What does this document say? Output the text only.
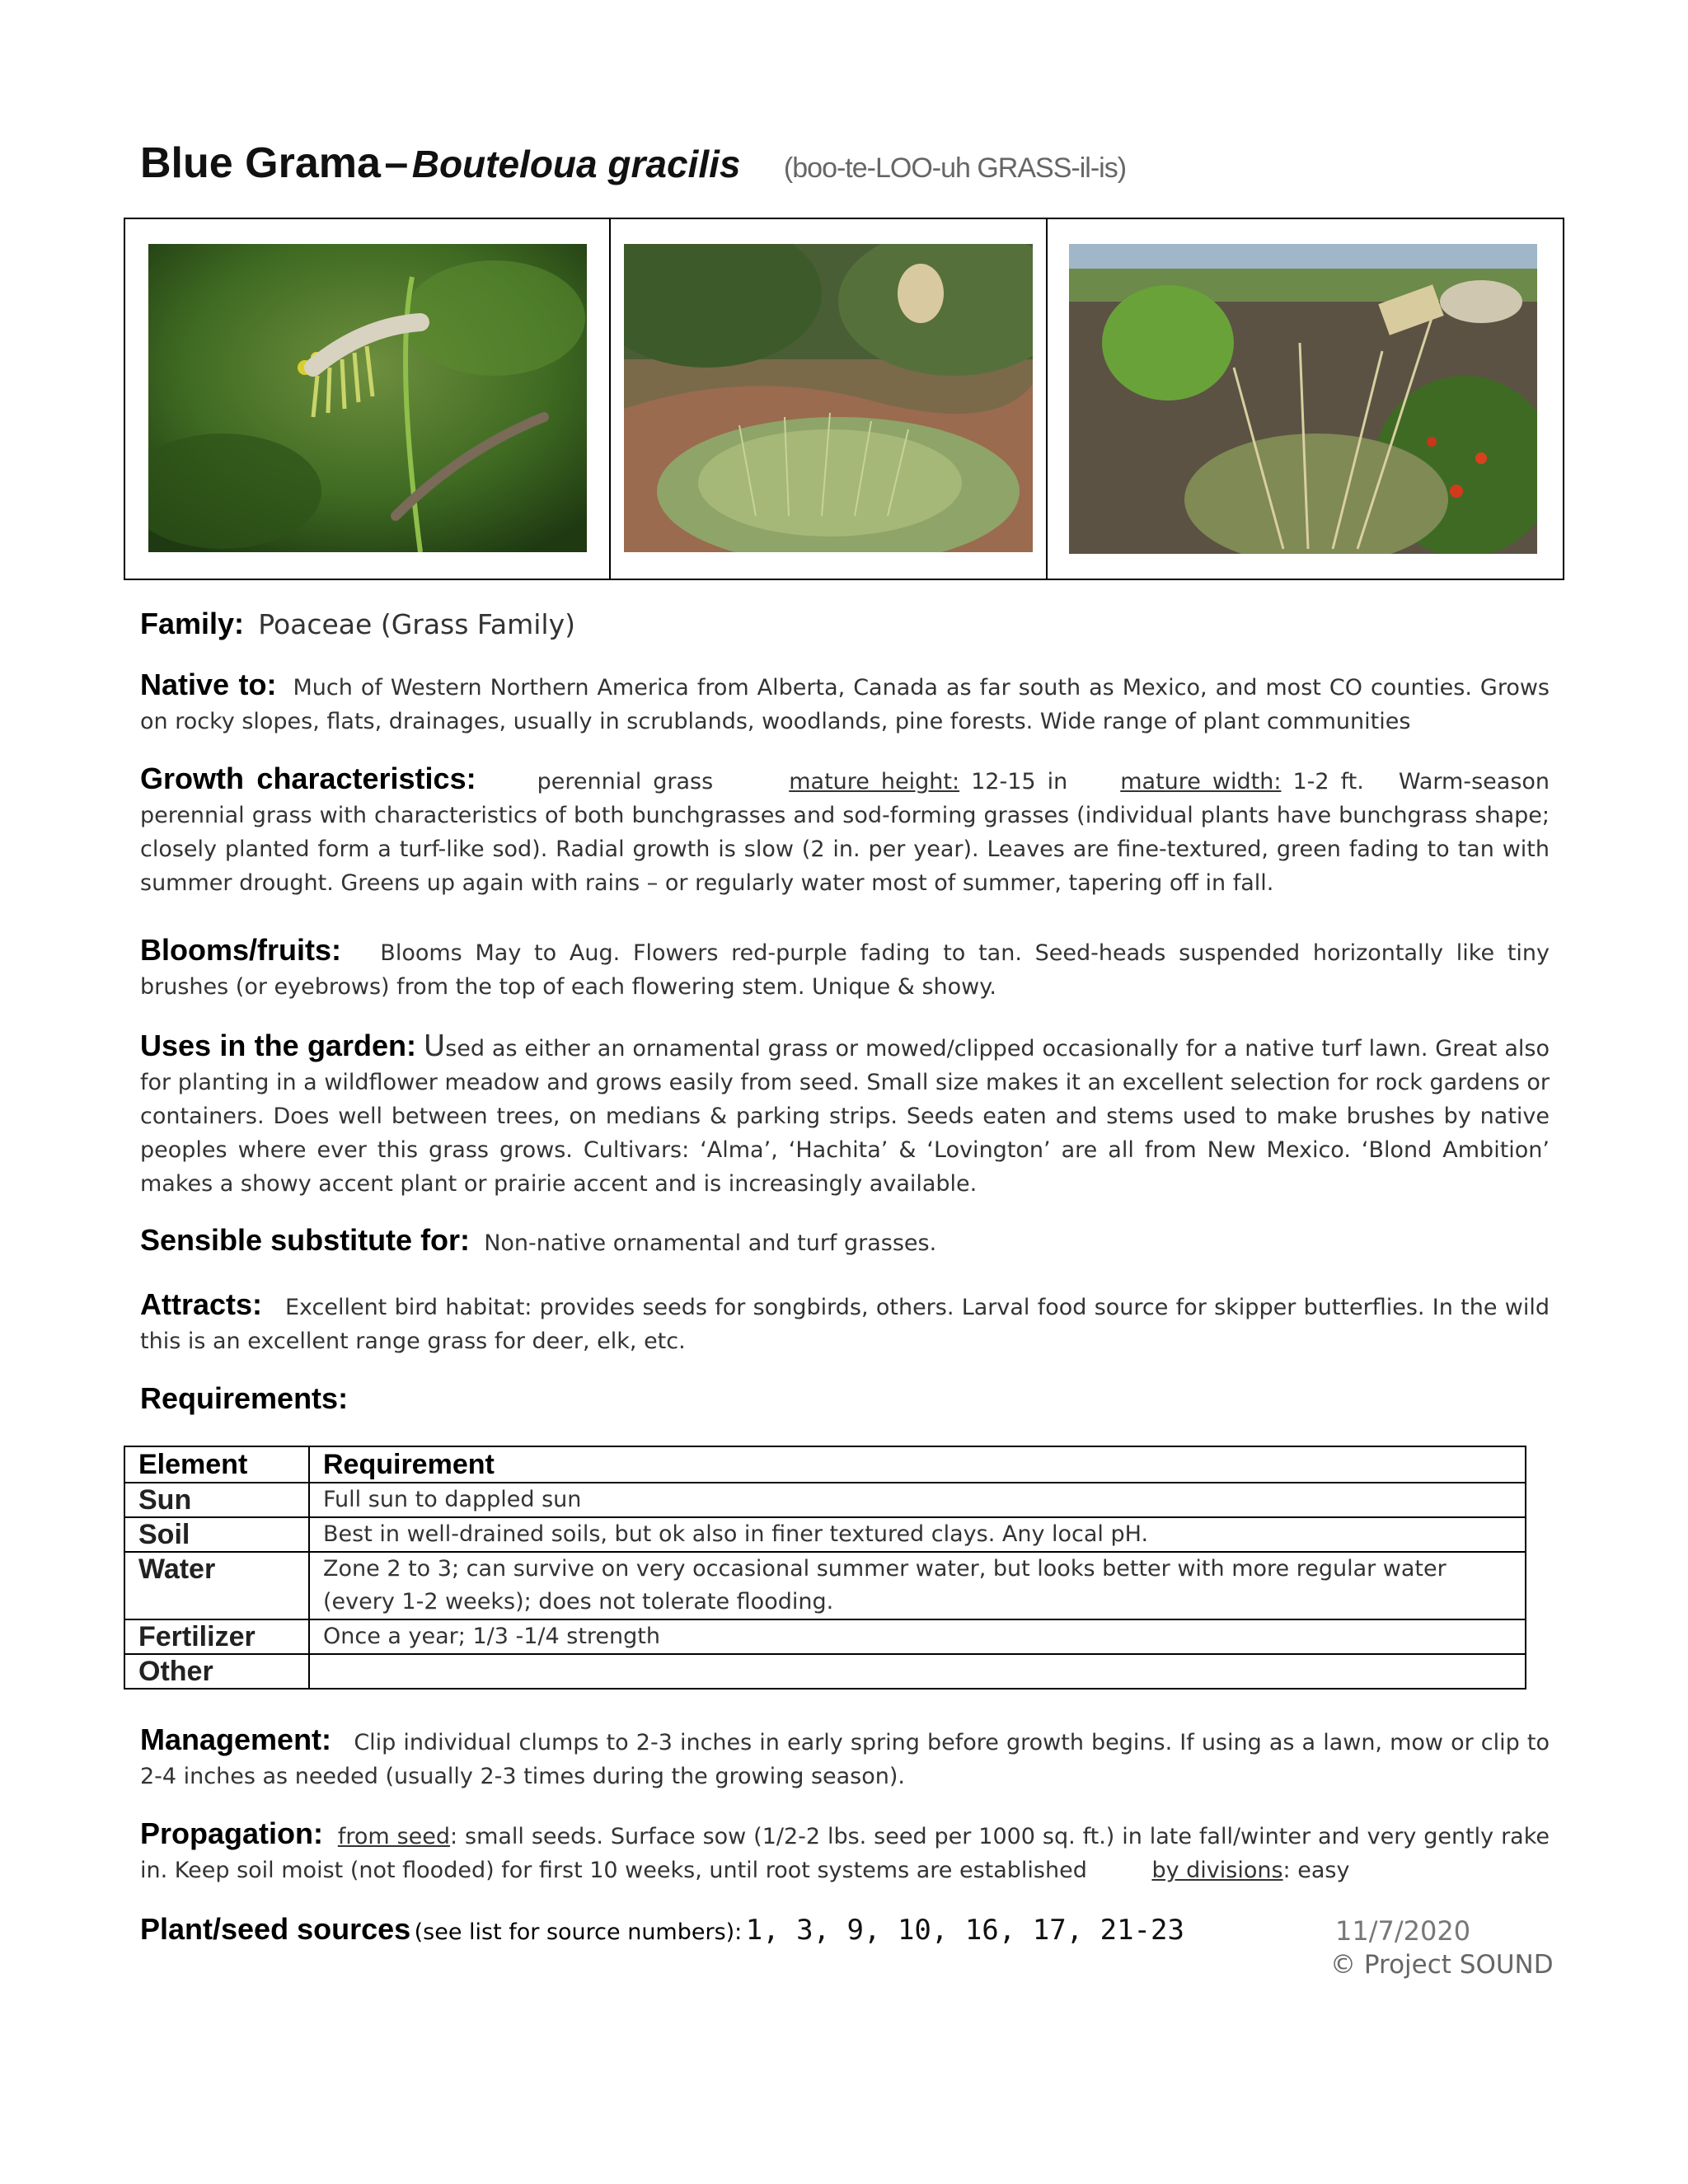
Blue Grama – Bouteloua gracilis (boo-te-LOO-uh GRASS-il-is)
Family: Poaceae (Grass Family)
Native to: Much of Western Northern America from Alberta, Canada as far south as Mexico, and most CO counties. Grows on rocky slopes, flats, drainages, usually in scrublands, woodlands, pine forests. Wide range of plant communities
Growth characteristics:	perennial grass	mature height: 12-15 in mature width: 1-2 ft. Warm-season perennial grass with characteristics of both bunchgrasses and sod-forming grasses (individual plants have bunchgrass shape; closely planted form a turf-like sod). Radial growth is slow (2 in. per year). Leaves are fine-textured, green fading to tan with summer drought. Greens up again with rains – or regularly water most of summer, tapering off in fall.
Blooms/fruits: Blooms May to Aug. Flowers red-purple fading to tan. Seed-heads suspended horizontally like tiny brushes (or eyebrows) from the top of each flowering stem. Unique & showy.
Uses in the garden: Used as either an ornamental grass or mowed/clipped occasionally for a native turf lawn. Great also for planting in a wildflower meadow and grows easily from seed. Small size makes it an excellent selection for rock gardens or containers. Does well between trees, on medians & parking strips. Seeds eaten and stems used to make brushes by native peoples where ever this grass grows. Cultivars: ‘Alma’, ‘Hachita’ & ‘Lovington’ are all from New Mexico. ‘Blond Ambition’ makes a showy accent plant or prairie accent and is increasingly available.
Sensible substitute for: Non-native ornamental and turf grasses.
Attracts: Excellent bird habitat: provides seeds for songbirds, others. Larval food source for skipper butterflies. In the wild this is an excellent range grass for deer, elk, etc.
Requirements:
Element	Requirement
Sun	Full sun to dappled sun
Soil	Best in well-drained soils, but ok also in finer textured clays. Any local pH.
Water	Zone 2 to 3; can survive on very occasional summer water, but looks better with more regular water (every 1-2 weeks); does not tolerate flooding.
Fertilizer	Once a year; 1/3 -1/4 strength
Other	
Management: Clip individual clumps to 2-3 inches in early spring before growth begins. If using as a lawn, mow or clip to 2-4 inches as needed (usually 2-3 times during the growing season).
Propagation: from seed: small seeds. Surface sow (1/2-2 lbs. seed per 1000 sq. ft.) in late fall/winter and very gently rake in. Keep soil moist (not flooded) for first 10 weeks, until root systems are established	by divisions: easy
Plant/seed sources (see list for source numbers): 1, 3, 9, 10, 16, 17, 21-23	11/7/2020
© Project SOUND
